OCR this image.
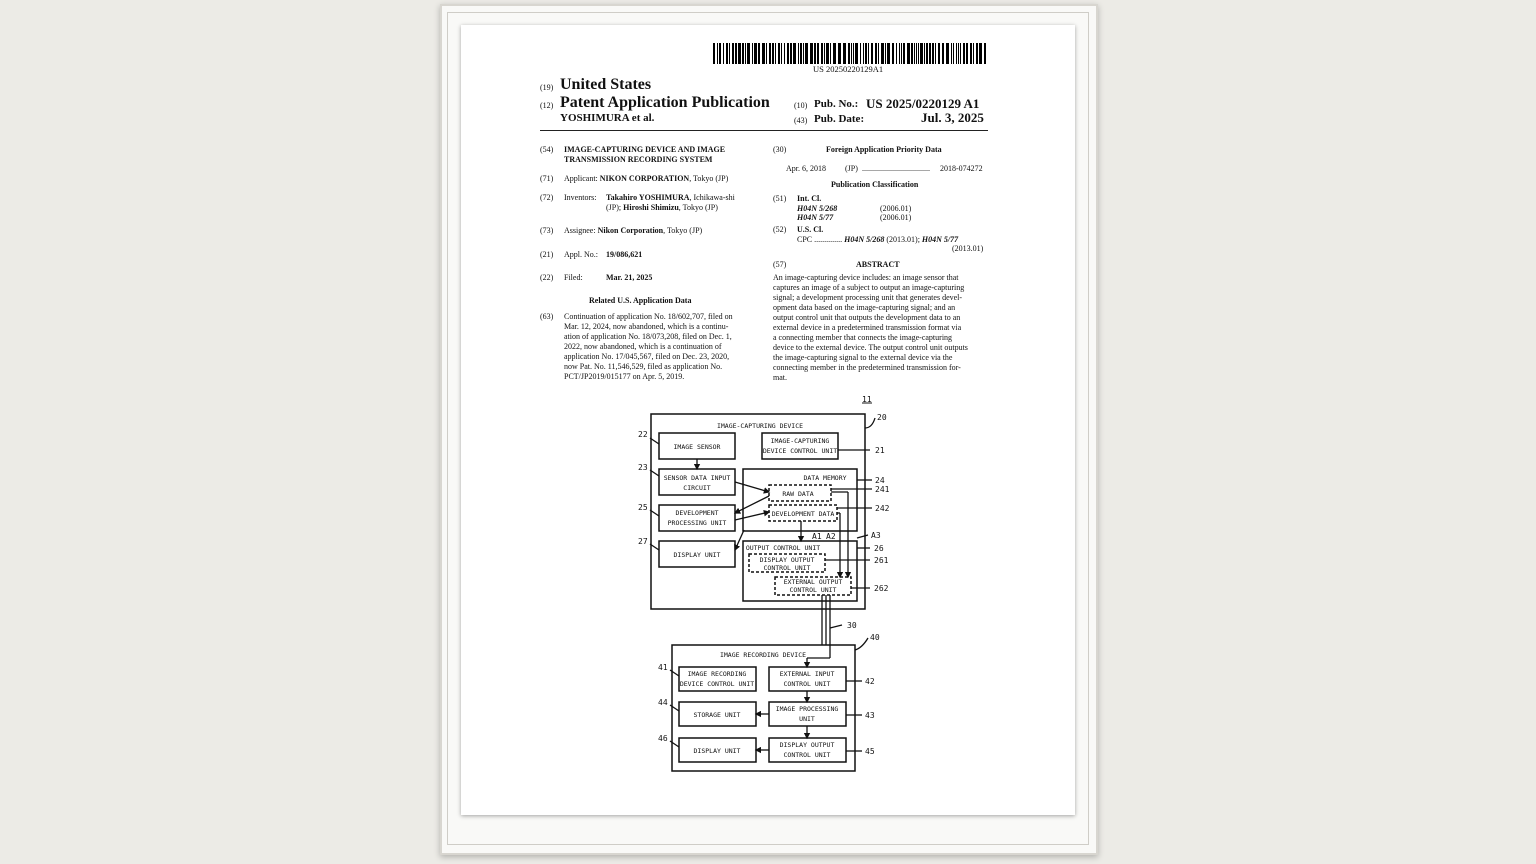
US 20250220129A1
(19) United States
(12) Patent Application Publication
YOSHIMURA et al.
(10) Pub. No.: US 2025/0220129 A1
(43) Pub. Date:	Jul. 3, 2025
(54) IMAGE-CAPTURING DEVICE AND IMAGE TRANSMISSION RECORDING SYSTEM
(71) Applicant: NIKON CORPORATION, Tokyo (JP)
(72) Inventors: Takahiro YOSHIMURA, Ichikawa-shi
(JP); Hiroshi Shimizu, Tokyo (JP)
(73) Assignee: Nikon Corporation, Tokyo (JP)
(21) Appl. No.: 19/086,621
(22) Filed:	Mar. 21, 2025
Related U.S. Application Data
(63) Continuation of application No. 18/602,707, filed on
Mar. 12, 2024, now abandoned, which is a continu-
ation of application No. 18/073,208, filed on Dec. 1,
2022, now abandoned, which is a continuation of
application No. 17/045,567, filed on Dec. 23, 2020,
now Pat. No. 11,546,529, filed as application No.
PCT/JP2019/015177 on Apr. 5, 2019.
(30)	Foreign Application Priority Data
Apr. 6, 2018 (JP) .................................. 2018-074272
Publication Classification
(51) Int. Cl.
H04N 5/268	(2006.01)
H04N 5/77	(2006.01)
(52) U.S. Cl.
CPC .............. H04N 5/268 (2013.01); H04N 5/77
(2013.01)
(57)	ABSTRACT
An image-capturing device includes: an image sensor that
captures an image of a subject to output an image-capturing
signal; a development processing unit that generates devel-
opment data based on the image-capturing signal; and an
output control unit that outputs the development data to an
external device in a predetermined transmission format via
a connecting member that connects the image-capturing
device to the external device. The output control unit outputs
the image-capturing signal to the external device via the
connecting member in the predetermined transmission for-
mat.
IMAGE-CAPTURING DEVICE
IMAGE SENSOR
IMAGE-CAPTURING
DEVICE CONTROL UNIT
SENSOR DATA INPUT
CIRCUIT
DATA MEMORY
RAW DATA
DEVELOPMENT DATA
DEVELOPMENT
PROCESSING UNIT
DISPLAY UNIT
OUTPUT CONTROL UNIT
DISPLAY OUTPUT
CONTROL UNIT
EXTERNAL OUTPUT
CONTROL UNIT
IMAGE RECORDING DEVICE
IMAGE RECORDING
DEVICE CONTROL UNIT
EXTERNAL INPUT
CONTROL UNIT
STORAGE UNIT
IMAGE PROCESSING
UNIT
DISPLAY UNIT
DISPLAY OUTPUT
CONTROL UNIT
A1 A2	A3
11
20
21
22
23
24
241
242
25
26
261
262
27
30
40
41
42
43
44
45
46
